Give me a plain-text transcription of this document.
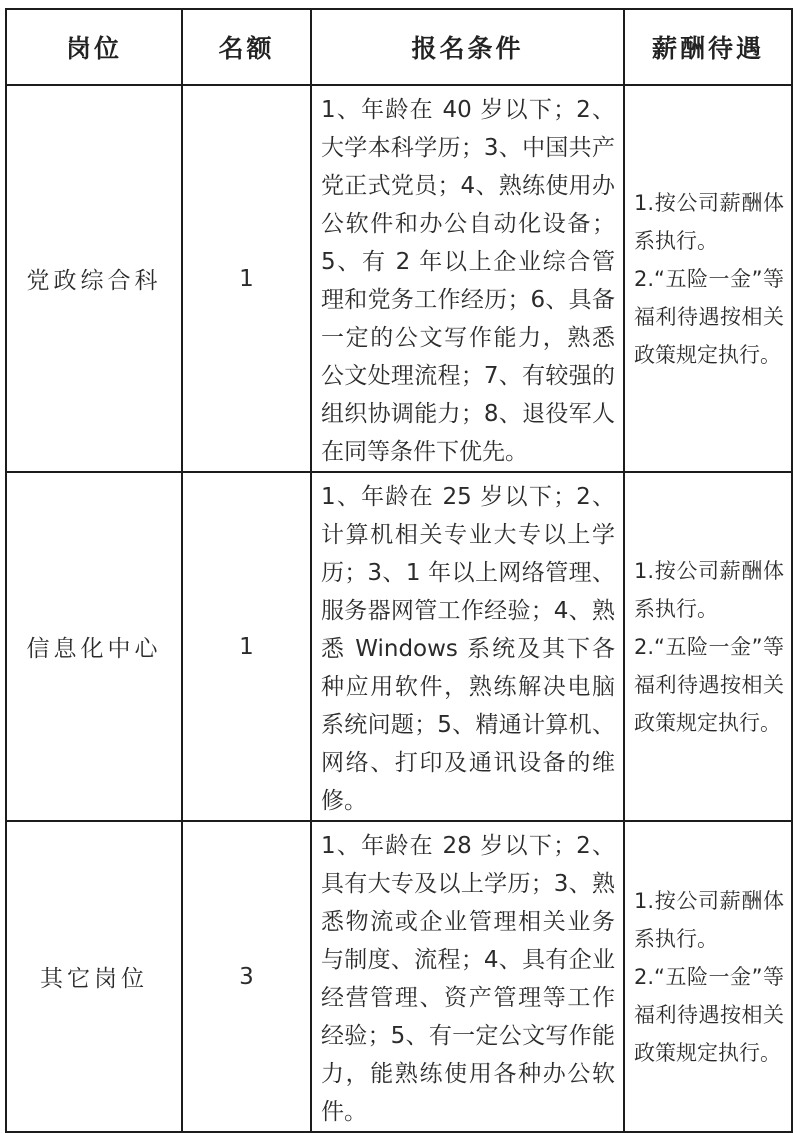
岗位	名额	报名条件	薪酬待遇
党政综合科	1	1、年龄在 40 岁以下；2、大学本科学历；3、中国共产党正式党员；4、熟练使用办公软件和办公自动化设备；5、有 2 年以上企业综合管理和党务工作经历；6、具备一定的公文写作能力，熟悉公文处理流程；7、有较强的组织协调能力；8、退役军人在同等条件下优先。	1.按公司薪酬体系执行。
2.“五险一金”等福利待遇按相关政策规定执行。

信息化中心	1	1、年龄在 25 岁以下；2、计算机相关专业大专以上学历；3、1 年以上网络管理、服务器网管工作经验；4、熟悉 Windows 系统及其下各种应用软件，熟练解决电脑系统问题；5、精通计算机、网络、打印及通讯设备的维修。	1.按公司薪酬体系执行。
2.“五险一金”等福利待遇按相关政策规定执行。

其它岗位	3	1、年龄在 28 岁以下；2、具有大专及以上学历；3、熟悉物流或企业管理相关业务与制度、流程；4、具有企业经营管理、资产管理等工作经验；5、有一定公文写作能力，能熟练使用各种办公软件。	1.按公司薪酬体系执行。
2.“五险一金”等福利待遇按相关政策规定执行。
